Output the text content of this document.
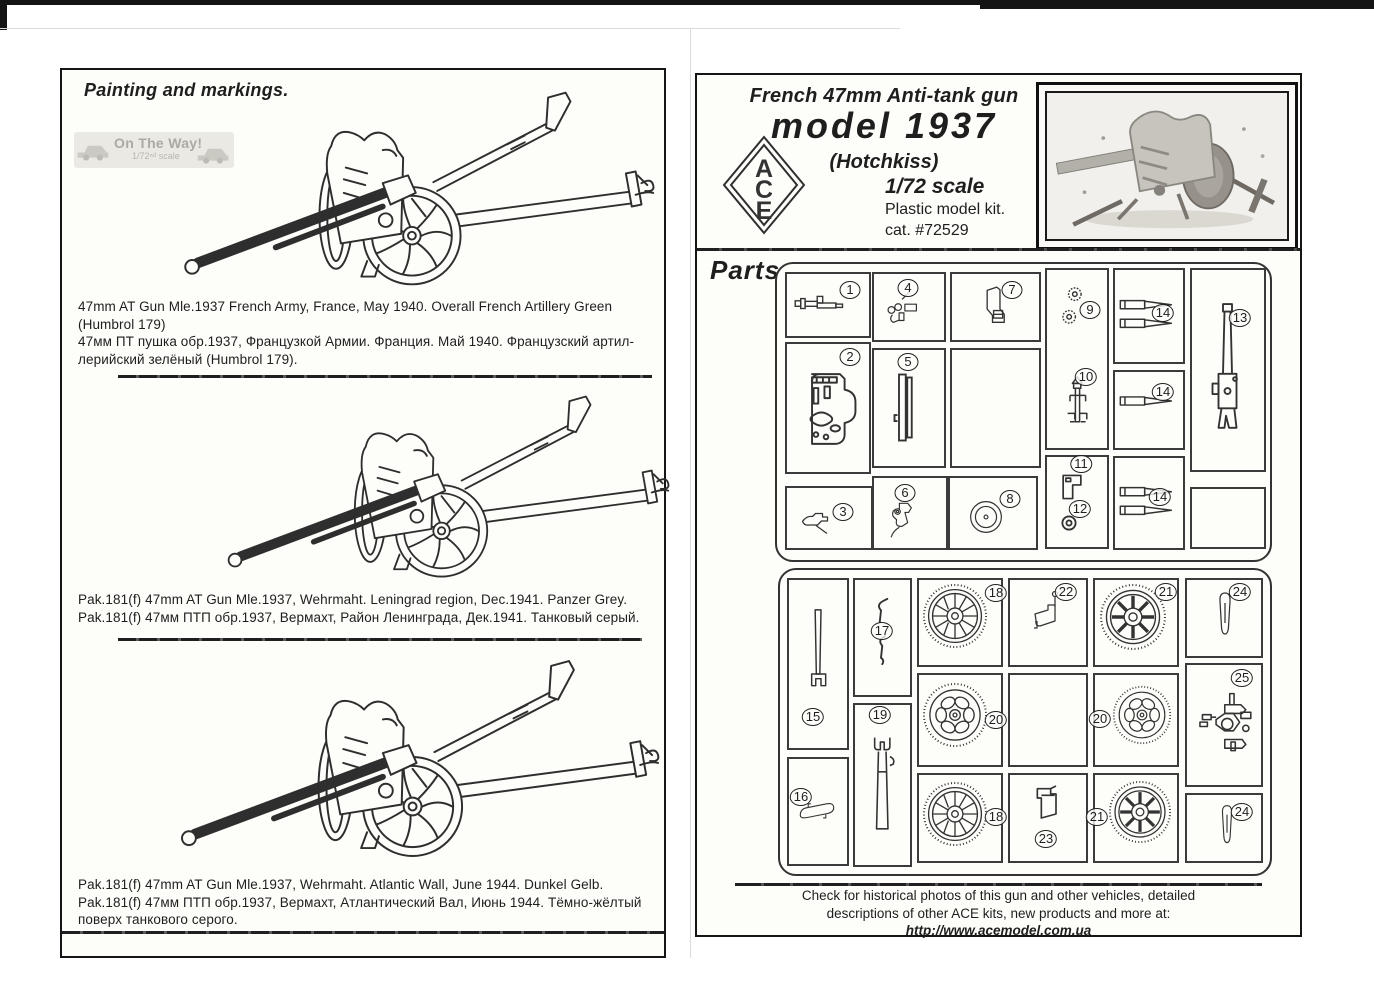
Painting and markings.
On The Way!
1/72ⁿᵈ scale
47mm AT Gun Mle.1937 French Army, France, May 1940. Overall French Artillery Green
(Humbrol 179)
47мм ПТ пушка обр.1937, Французкой Армии. Франция. Май 1940. Французский артил-
лерийский зелёный (Humbrol 179).
Pak.181(f) 47mm AT Gun Mle.1937, Wehrmaht. Leningrad region, Dec.1941. Panzer Grey.
Pak.181(f) 47мм ПТП обр.1937, Вермахт, Район Ленинграда, Дек.1941. Танковый серый.
Pak.181(f) 47mm AT Gun Mle.1937, Wehrmaht. Atlantic Wall, June 1944. Dunkel Gelb.
Pak.181(f) 47мм ПТП обр.1937, Вермахт, Атлантический Вал, Июнь 1944. Тёмно-жёлтый
поверх танкового серого.
French 47mm Anti-tank gun
model 1937
(Hotchkiss)
1/72 scale
Plastic model kit.
cat. #72529
Parts
Check for historical photos of this gun and other vehicles, detailed
descriptions of other ACE kits, new products and more at:
http://www.acemodel.com.ua
1
2
3
4
5
6
7
8
9
10
11
12
14
14
14
13
15
16
17
19
18
20
18
22
23
21
20
21
24
25
24
